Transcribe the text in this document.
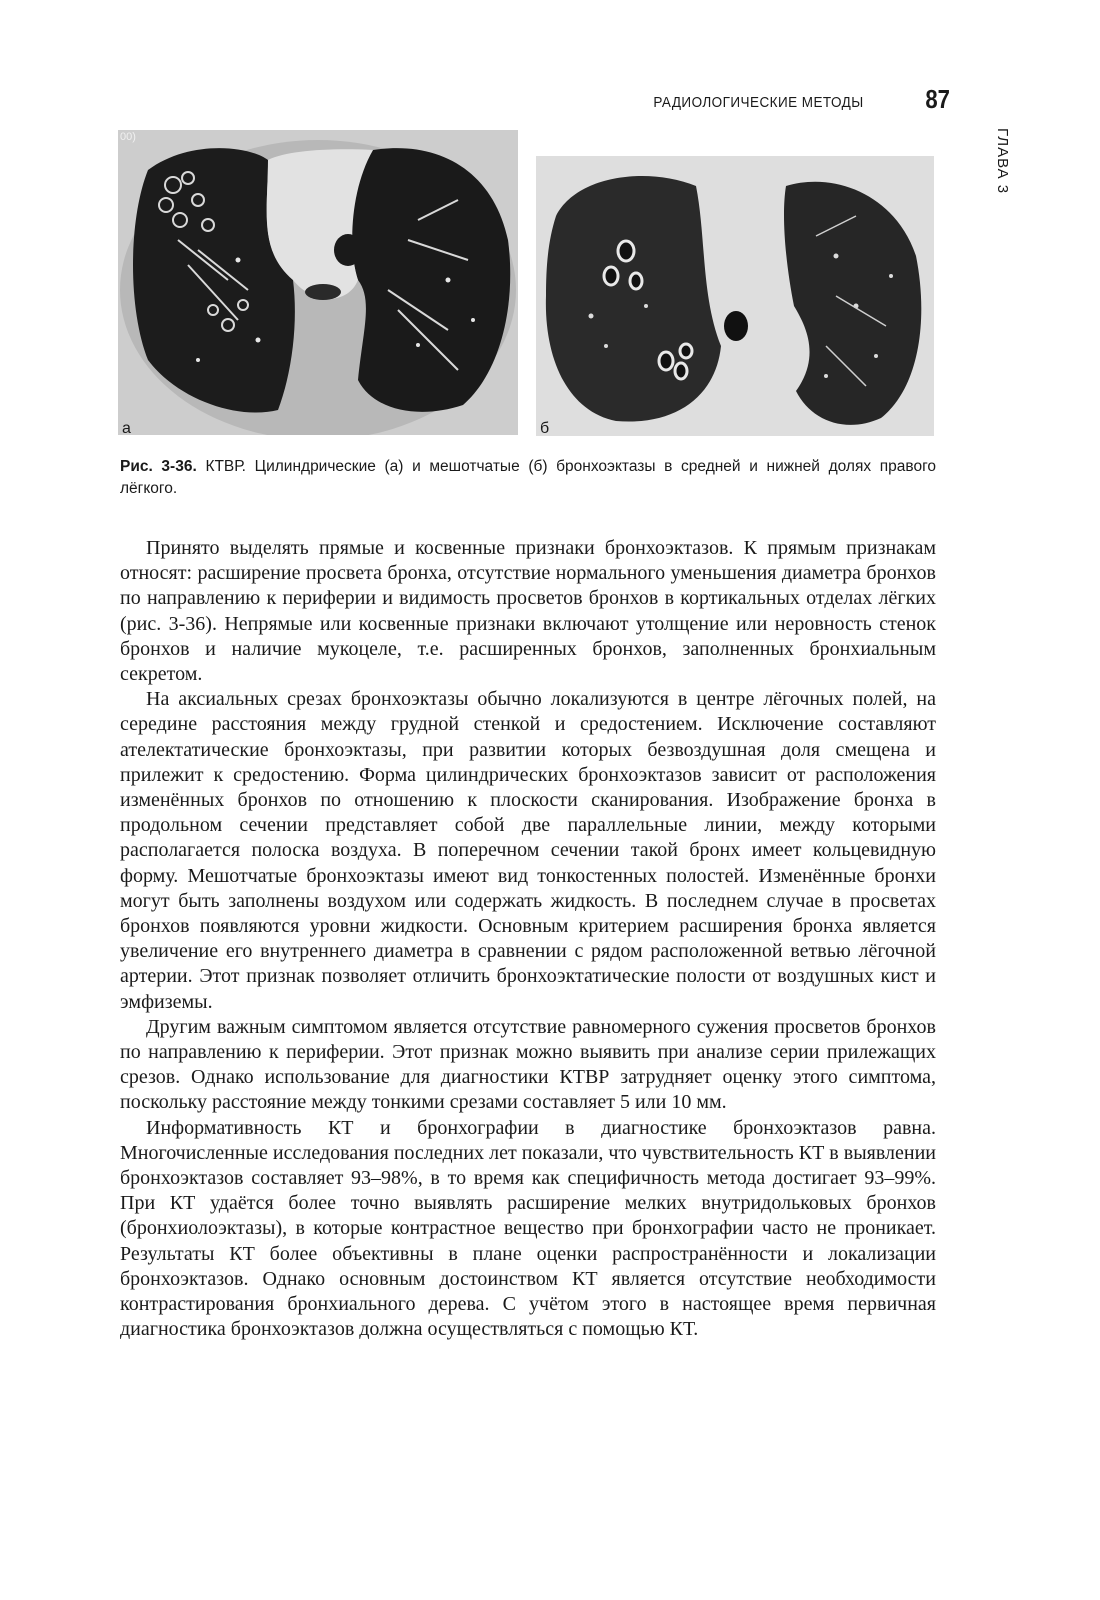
РАДИОЛОГИЧЕСКИЕ МЕТОДЫ 87
ГЛАВА 3
00)
а	б
Рис. 3-36. КТВР. Цилиндрические (а) и мешотчатые (б) бронхоэктазы в средней и нижней долях правого лёгкого.

Принято выделять прямые и косвенные признаки бронхоэктазов. К прямым признакам относят: расширение просвета бронха, отсутствие нормального уменьшения диаметра бронхов по направлению к периферии и видимость просветов бронхов в кортикальных отделах лёгких (рис. 3-36). Непрямые или косвенные признаки включают утолщение или неровность стенок бронхов и наличие мукоцеле, т.е. расширенных бронхов, заполненных бронхиальным секретом.

На аксиальных срезах бронхоэктазы обычно локализуются в центре лёгочных полей, на середине расстояния между грудной стенкой и средостением. Исключение составляют ателектатические бронхоэктазы, при развитии которых безвоздушная доля смещена и прилежит к средостению. Форма цилиндрических бронхоэктазов зависит от расположения изменённых бронхов по отношению к плоскости сканирования. Изображение бронха в продольном сечении представляет собой две параллельные линии, между которыми располагается полоска воздуха. В поперечном сечении такой бронх имеет кольцевидную форму. Мешотчатые бронхоэктазы имеют вид тонкостенных полостей. Изменённые бронхи могут быть заполнены воздухом или содержать жидкость. В последнем случае в просветах бронхов появляются уровни жидкости. Основным критерием расширения бронха является увеличение его внутреннего диаметра в сравнении с рядом расположенной ветвью лёгочной артерии. Этот признак позволяет отличить бронхоэктатические полости от воздушных кист и эмфиземы.

Другим важным симптомом является отсутствие равномерного сужения просветов бронхов по направлению к периферии. Этот признак можно выявить при анализе серии прилежащих срезов. Однако использование для диагностики КТВР затрудняет оценку этого симптома, поскольку расстояние между тонкими срезами составляет 5 или 10 мм.

Информативность КТ и бронхографии в диагностике бронхоэктазов равна. Многочисленные исследования последних лет показали, что чувствительность КТ в выявлении бронхоэктазов составляет 93–98%, в то время как специфичность метода достигает 93–99%. При КТ удаётся более точно выявлять расширение мелких внутридольковых бронхов (бронхиолоэктазы), в которые контрастное вещество при бронхографии часто не проникает. Результаты КТ более объективны в плане оценки распространённости и локализации бронхоэктазов. Однако основным достоинством КТ является отсутствие необходимости контрастирования бронхиального дерева. С учётом этого в настоящее время первичная диагностика бронхоэктазов должна осуществляться с помощью КТ.
